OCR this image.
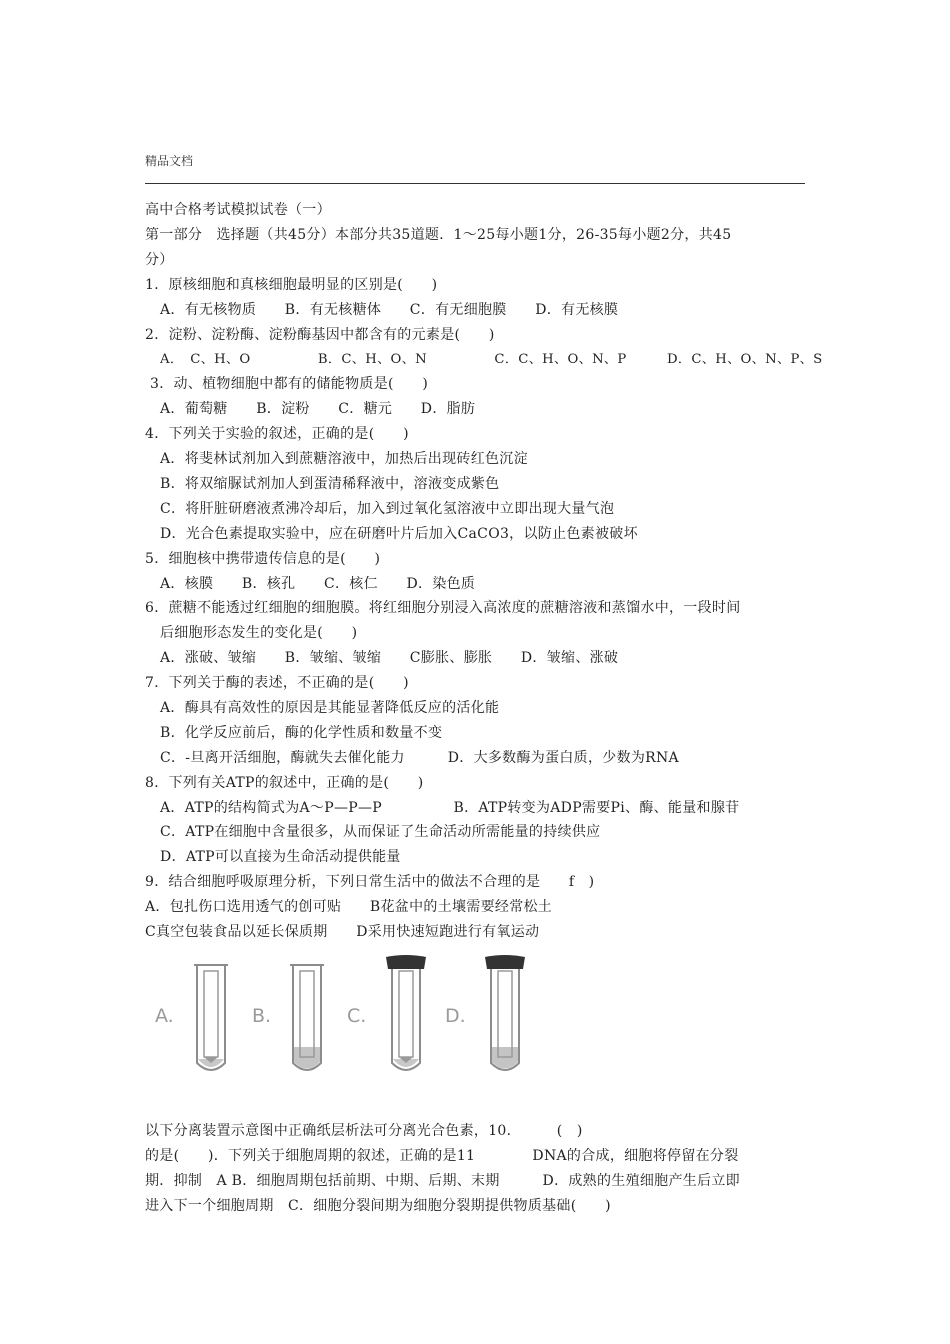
精品文档
高中合格考试模拟试卷（一）
第一部分　选择题（共45分）本部分共35道题．1～25每小题1分，26-35每小题2分，共45
分）
1．原核细胞和真核细胞最明显的区别是(　　)
A．有无核物质　　B．有无核糖体　　C．有无细胞膜　　D．有无核膜
2．淀粉、淀粉酶、淀粉酶基因中都含有的元素是(　　)
A．　C、H、O　　　　　B．C、H、O、N　　　　　C．C、H、O、N、P　　　D．C、H、O、N、P、S
3．动、植物细胞中都有的储能物质是(　　)
A．葡萄糖　　B．淀粉　　C．糖元　　D．脂肪
4．下列关于实验的叙述，正确的是(　　)
A．将斐林试剂加入到蔗糖溶液中，加热后出现砖红色沉淀
B．将双缩脲试剂加人到蛋清稀释液中，溶液变成紫色
C．将肝脏研磨液煮沸冷却后，加入到过氧化氢溶液中立即出现大量气泡
D．光合色素提取实验中，应在研磨叶片后加入CaCO3，以防止色素被破坏
5．细胞核中携带遗传信息的是(　　)
A．核膜　　B．核孔　　C．核仁　　D．染色质
6．蔗糖不能透过红细胞的细胞膜。将红细胞分别浸入高浓度的蔗糖溶液和蒸馏水中，一段时间
后细胞形态发生的变化是(　　)
A．涨破、皱缩　　B．皱缩、皱缩　　C膨胀、膨胀　　D．皱缩、涨破
7．下列关于酶的表述，不正确的是(　　)
A．酶具有高效性的原因是其能显著降低反应的活化能
B．化学反应前后，酶的化学性质和数量不变
C．-旦离开活细胞，酶就失去催化能力　　　D．大多数酶为蛋白质，少数为RNA
8．下列有关ATP的叙述中，正确的是(　　)
A．ATP的结构简式为A～P—P—P　　　　　B．ATP转变为ADP需要Pi、酶、能量和腺苷
C．ATP在细胞中含量很多，从而保证了生命活动所需能量的持续供应
D．ATP可以直接为生命活动提供能量
9．结合细胞呼吸原理分析，下列日常生活中的做法不合理的是　　f　)
A．包扎伤口选用透气的创可贴　　B花盆中的土壤需要经常松土
C真空包装食品以延长保质期　　D采用快速短跑进行有氧运动
A.	B.	C.	D.
以下分离装置示意图中正确纸层析法可分离光合色素，10．　　　(　)
的是(　　)．下列关于细胞周期的叙述，正确的是11　　　　DNA的合成，细胞将停留在分裂
期．抑制　A B．细胞周期包括前期、中期、后期、末期　　　D．成熟的生殖细胞产生后立即
进入下一个细胞周期　C．细胞分裂间期为细胞分裂期提供物质基础(　　)
